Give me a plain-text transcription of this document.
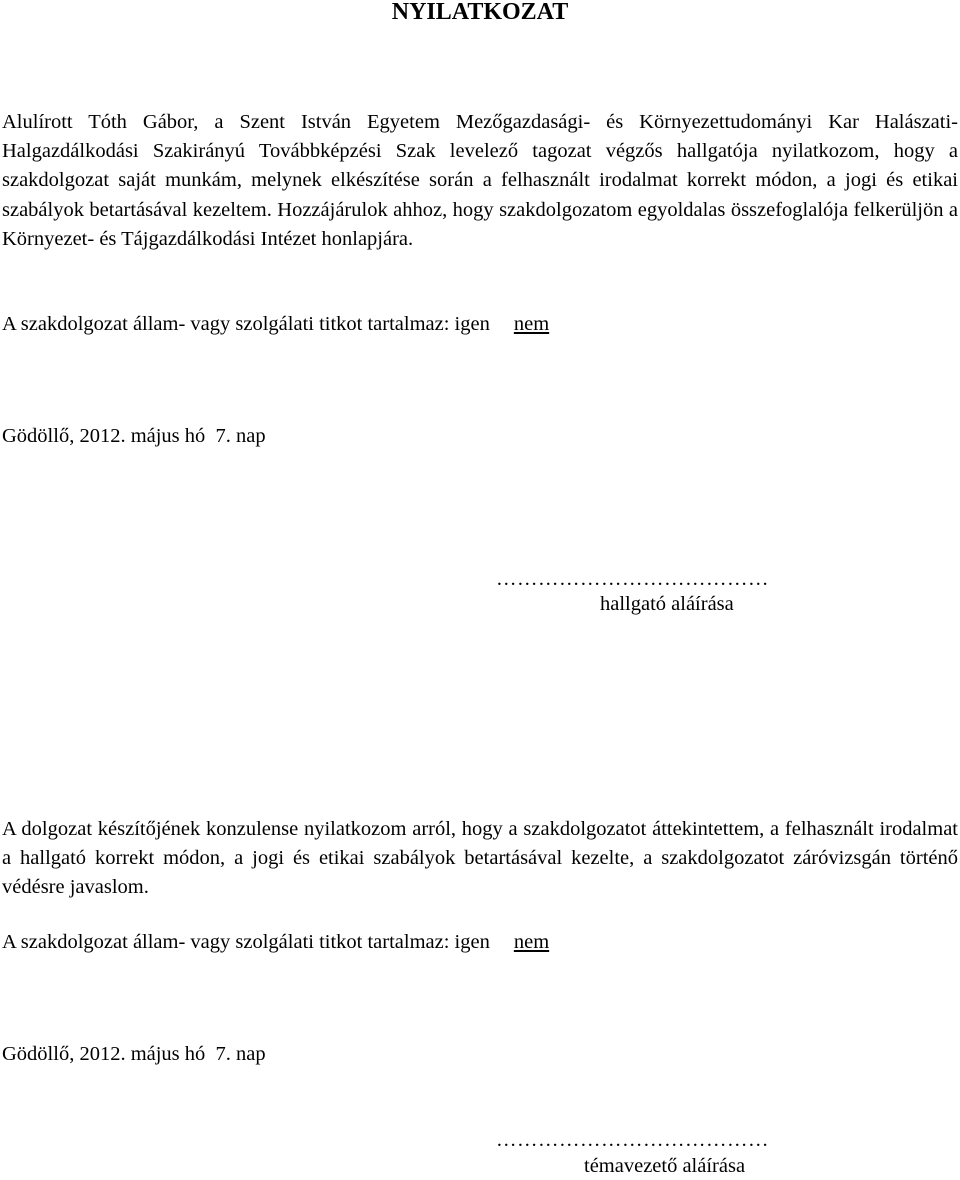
NYILATKOZAT

Alulírott Tóth Gábor, a Szent István Egyetem Mezőgazdasági- és Környezettudományi Kar Halászati-Halgazdálkodási Szakirányú Továbbképzési Szak levelező tagozat végzős hallgatója nyilatkozom, hogy a szakdolgozat saját munkám, melynek elkészítése során a felhasznált irodalmat korrekt módon, a jogi és etikai szabályok betartásával kezeltem. Hozzájárulok ahhoz, hogy szakdolgozatom egyoldalas összefoglalója felkerüljön a Környezet- és Tájgazdálkodási Intézet honlapjára.

A szakdolgozat állam- vagy szolgálati titkot tartalmaz: igen nem
Gödöllő, 2012. május hó  7. nap
…………………………………
hallgató aláírása

A dolgozat készítőjének konzulense nyilatkozom arról, hogy a szakdolgozatot áttekintettem, a felhasznált irodalmat a hallgató korrekt módon, a jogi és etikai szabályok betartásával kezelte, a szakdolgozatot záróvizsgán történő védésre javaslom.

A szakdolgozat állam- vagy szolgálati titkot tartalmaz: igen nem
Gödöllő, 2012. május hó  7. nap
…………………………………
témavezető aláírása
